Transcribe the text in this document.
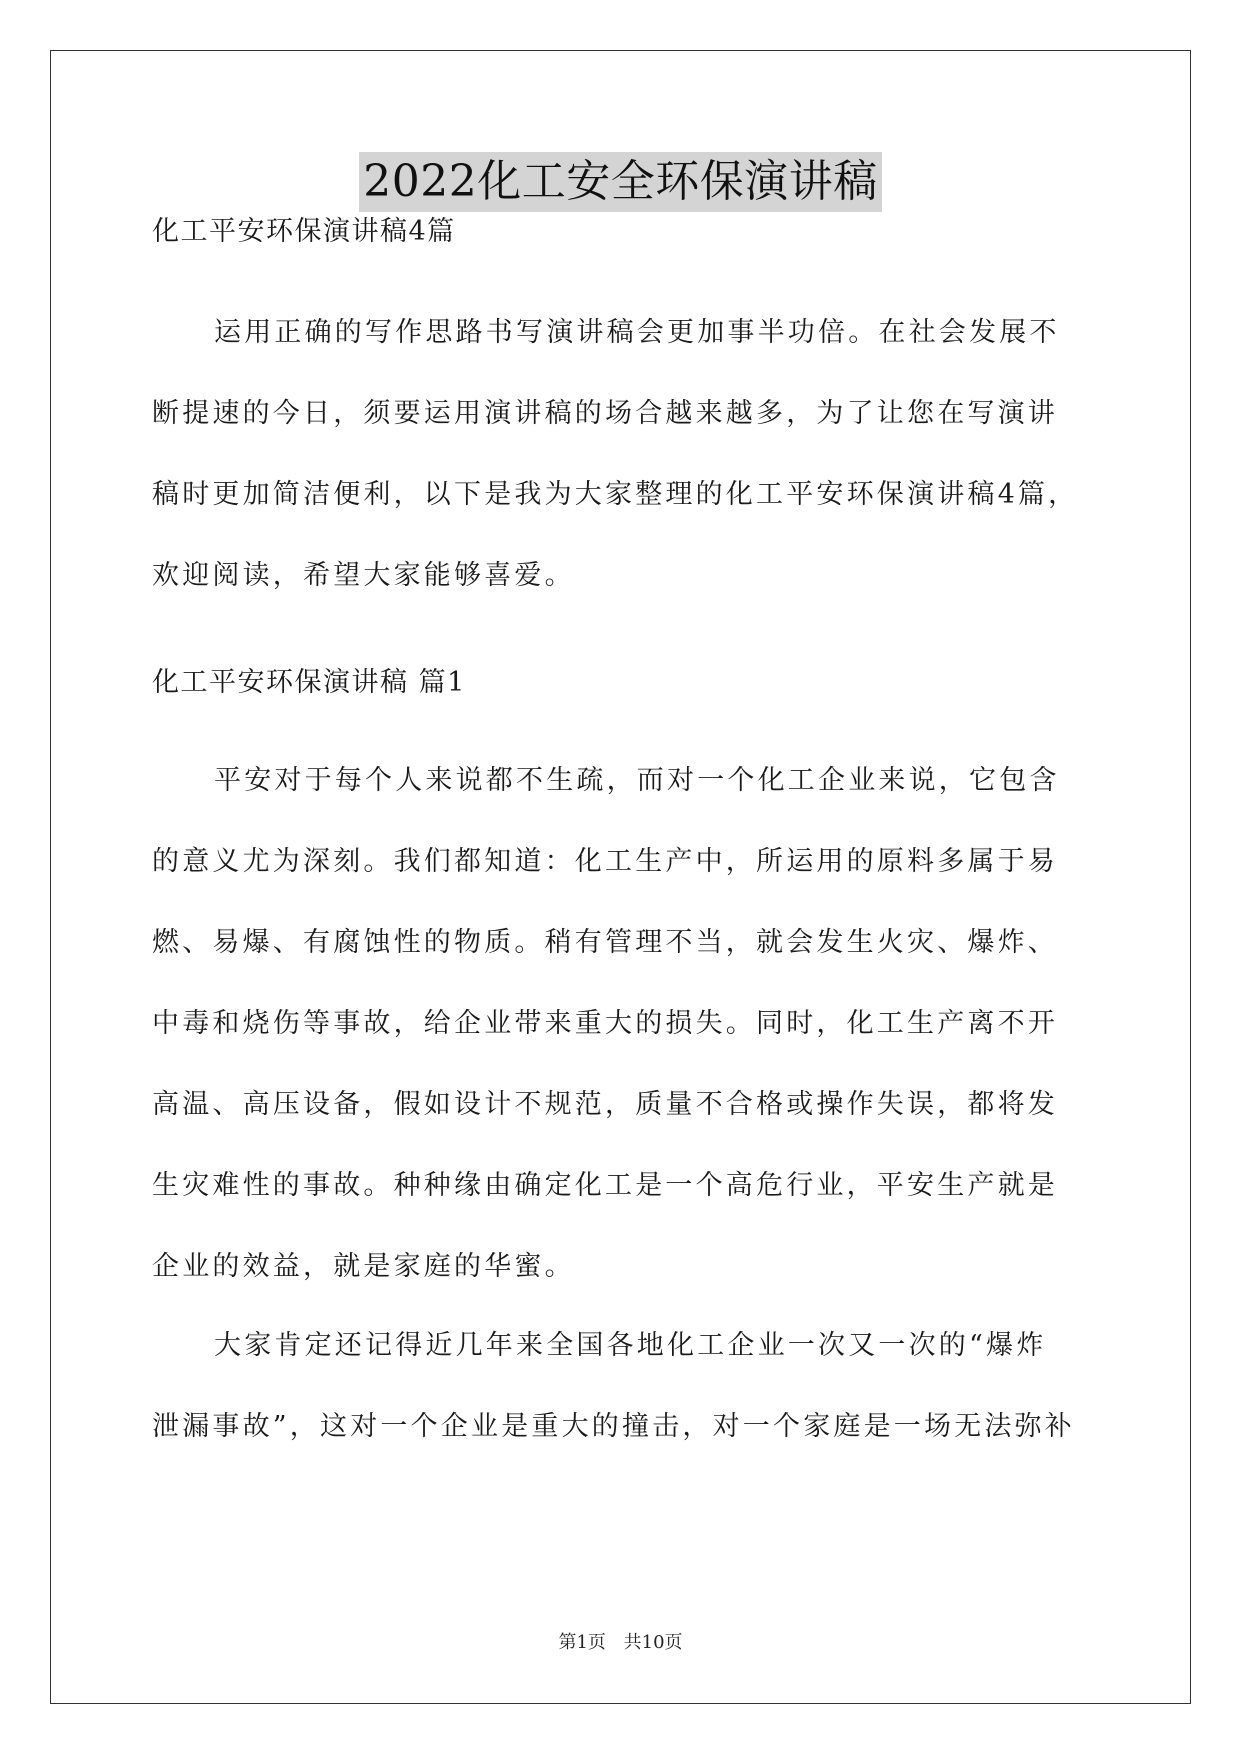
2022化工安全环保演讲稿
化工平安环保演讲稿4篇
运用正确的写作思路书写演讲稿会更加事半功倍。在社会发展不
断提速的今日，须要运用演讲稿的场合越来越多，为了让您在写演讲
稿时更加简洁便利，以下是我为大家整理的化工平安环保演讲稿4篇，
欢迎阅读，希望大家能够喜爱。
化工平安环保演讲稿 篇1
平安对于每个人来说都不生疏，而对一个化工企业来说，它包含
的意义尤为深刻。我们都知道：化工生产中，所运用的原料多属于易
燃、易爆、有腐蚀性的物质。稍有管理不当，就会发生火灾、爆炸、
中毒和烧伤等事故，给企业带来重大的损失。同时，化工生产离不开
高温、高压设备，假如设计不规范，质量不合格或操作失误，都将发
生灾难性的事故。种种缘由确定化工是一个高危行业，平安生产就是
企业的效益，就是家庭的华蜜。
大家肯定还记得近几年来全国各地化工企业一次又一次的“爆炸
泄漏事故”，这对一个企业是重大的撞击，对一个家庭是一场无法弥补
第1页 共10页
